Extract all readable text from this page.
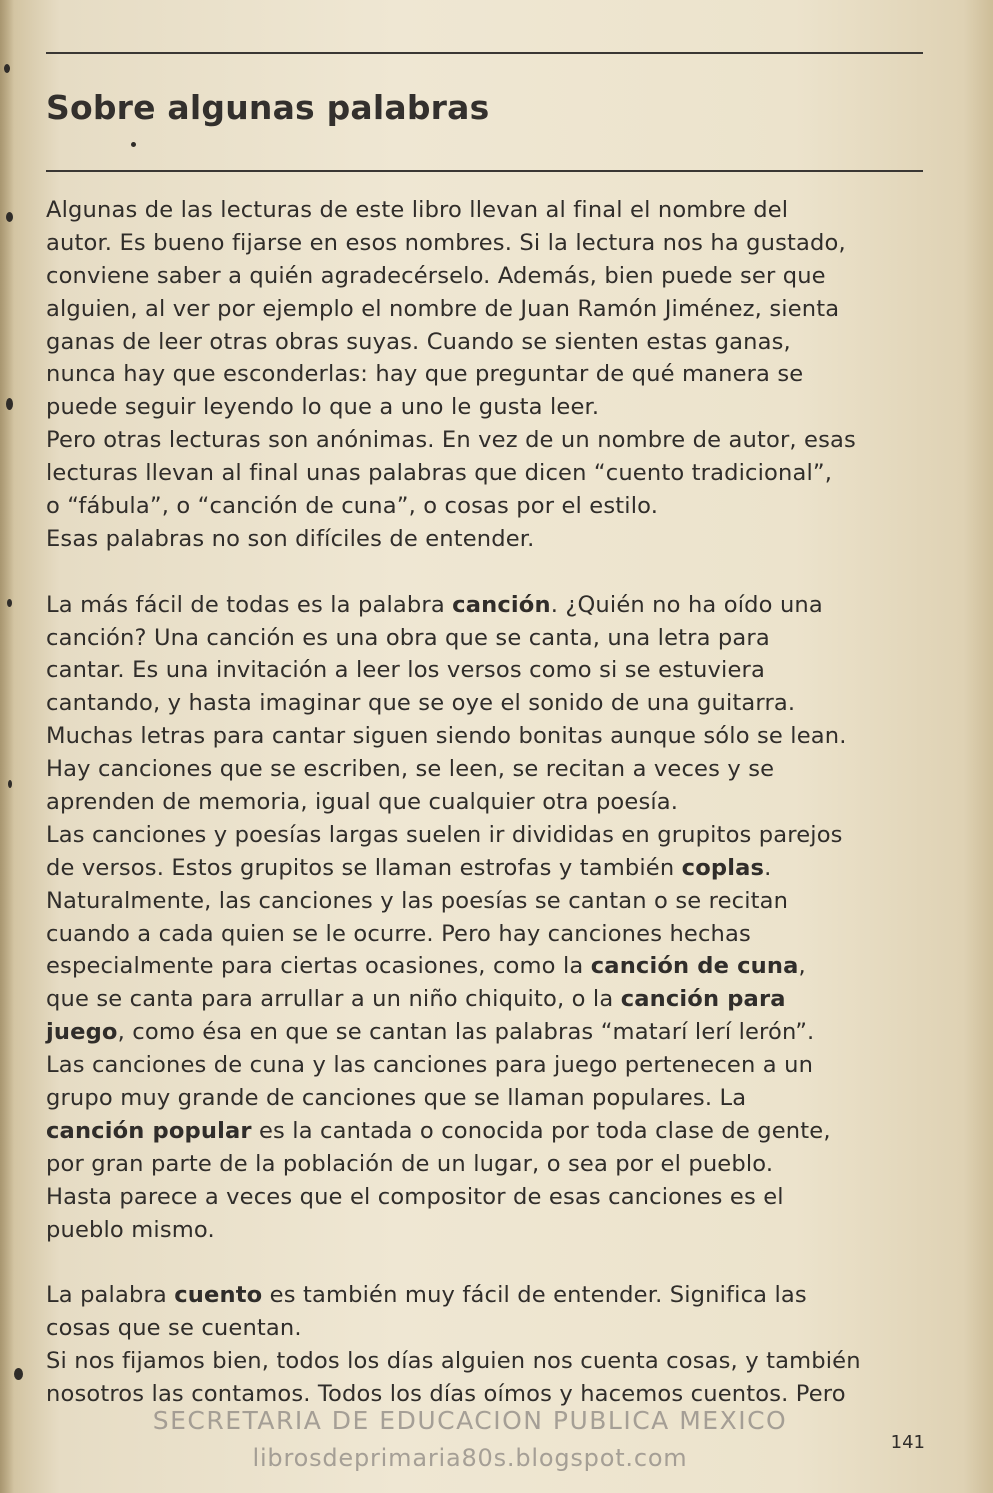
Sobre algunas palabras
Algunas de las lecturas de este libro llevan al final el nombre del
autor. Es bueno fijarse en esos nombres. Si la lectura nos ha gustado,
conviene saber a quién agradecérselo. Además, bien puede ser que
alguien, al ver por ejemplo el nombre de Juan Ramón Jiménez, sienta
ganas de leer otras obras suyas. Cuando se sienten estas ganas,
nunca hay que esconderlas: hay que preguntar de qué manera se
puede seguir leyendo lo que a uno le gusta leer.
Pero otras lecturas son anónimas. En vez de un nombre de autor, esas
lecturas llevan al final unas palabras que dicen “cuento tradicional”,
o “fábula”, o “canción de cuna”, o cosas por el estilo.
Esas palabras no son difíciles de entender.
La más fácil de todas es la palabra canción. ¿Quién no ha oído una
canción? Una canción es una obra que se canta, una letra para
cantar. Es una invitación a leer los versos como si se estuviera
cantando, y hasta imaginar que se oye el sonido de una guitarra.
Muchas letras para cantar siguen siendo bonitas aunque sólo se lean.
Hay canciones que se escriben, se leen, se recitan a veces y se
aprenden de memoria, igual que cualquier otra poesía.
Las canciones y poesías largas suelen ir divididas en grupitos parejos
de versos. Estos grupitos se llaman estrofas y también coplas.
Naturalmente, las canciones y las poesías se cantan o se recitan
cuando a cada quien se le ocurre. Pero hay canciones hechas
especialmente para ciertas ocasiones, como la canción de cuna,
que se canta para arrullar a un niño chiquito, o la canción para
juego, como ésa en que se cantan las palabras “matarí lerí lerón”.
Las canciones de cuna y las canciones para juego pertenecen a un
grupo muy grande de canciones que se llaman populares. La
canción popular es la cantada o conocida por toda clase de gente,
por gran parte de la población de un lugar, o sea por el pueblo.
Hasta parece a veces que el compositor de esas canciones es el
pueblo mismo.
La palabra cuento es también muy fácil de entender. Significa las
cosas que se cuentan.
Si nos fijamos bien, todos los días alguien nos cuenta cosas, y también
nosotros las contamos. Todos los días oímos y hacemos cuentos. Pero
SECRETARIA DE EDUCACION PUBLICA MEXICO
librosdeprimaria80s.blogspot.com
141
